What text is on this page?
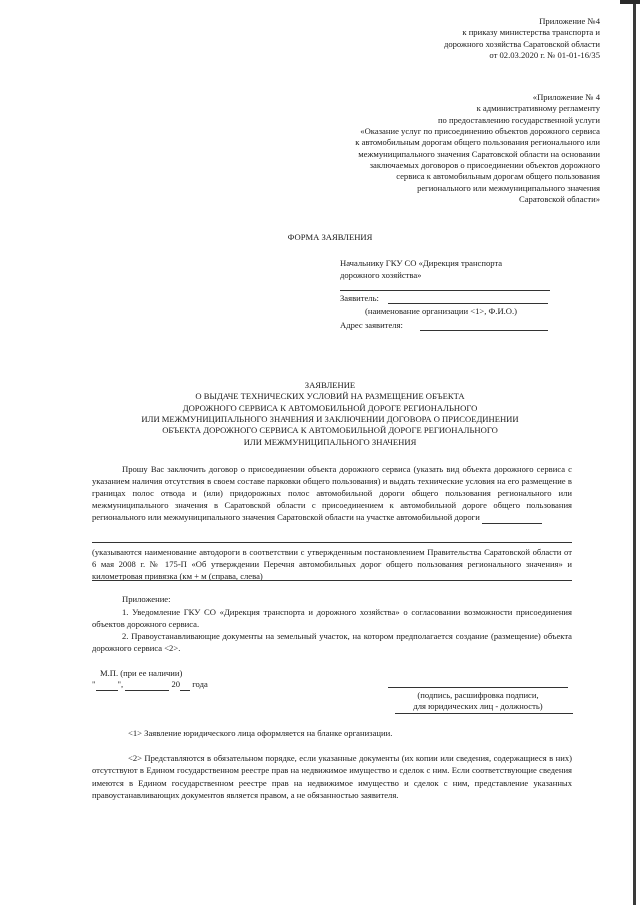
Приложение №4
к приказу министерства транспорта и
дорожного хозяйства Саратовской области
от 02.03.2020 г. № 01-01-16/35
«Приложение № 4
к административному регламенту
по предоставлению государственной услуги
«Оказание услуг по присоединению объектов дорожного сервиса
к автомобильным дорогам общего пользования регионального или
межмуниципального значения Саратовской области на основании
заключаемых договоров о присоединении объектов дорожного
сервиса к автомобильным дорогам общего пользования
регионального или межмуниципального значения
Саратовской области»
ФОРМА ЗАЯВЛЕНИЯ
Начальнику ГКУ СО «Дирекция транспорта
дорожного хозяйства»
Заявитель:
(наименование организации <1>, Ф.И.О.)
Адрес заявителя:
ЗАЯВЛЕНИЕ
О ВЫДАЧЕ ТЕХНИЧЕСКИХ УСЛОВИЙ НА РАЗМЕЩЕНИЕ ОБЪЕКТА
ДОРОЖНОГО СЕРВИСА К АВТОМОБИЛЬНОЙ ДОРОГЕ РЕГИОНАЛЬНОГО
ИЛИ МЕЖМУНИЦИПАЛЬНОГО ЗНАЧЕНИЯ И ЗАКЛЮЧЕНИИ ДОГОВОРА О ПРИСОЕДИНЕНИИ
ОБЪЕКТА ДОРОЖНОГО СЕРВИСА К АВТОМОБИЛЬНОЙ ДОРОГЕ РЕГИОНАЛЬНОГО
ИЛИ МЕЖМУНИЦИПАЛЬНОГО ЗНАЧЕНИЯ
Прошу Вас заключить договор о присоединении объекта дорожного сервиса (указать вид объекта дорожного сервиса с указанием наличия отсутствия в своем составе парковки общего пользования) и выдать технические условия на его размещение в границах полос отвода и (или) придорожных полос автомобильной дороги общего пользования регионального или межмуниципального значения в Саратовской области с присоединением к автомобильной дороге общего пользования регионального или межмуниципального значения Саратовской области на участке автомобильной дороги
(указываются наименование автодороги в соответствии с утвержденным постановлением Правительства Саратовской области от 6 мая 2008 г. № 175-П «Об утверждении Перечня автомобильных дорог общего пользования регионального значения» и километровая привязка (км + м (справа, слева)
Приложение:
1. Уведомление ГКУ СО «Дирекция транспорта и дорожного хозяйства» о согласовании возможности присоединения объектов дорожного сервиса.
2. Правоустанавливающие документы на земельный участок, на котором предполагается создание (размещение) объекта дорожного сервиса <2>.
М.П. (при ее наличии)
"	",	20 года
(подпись, расшифровка подписи,
для юридических лиц - должность)
<1> Заявление юридического лица оформляется на бланке организации.
<2> Представляются в обязательном порядке, если указанные документы (их копии или сведения, содержащиеся в них) отсутствуют в Едином государственном реестре прав на недвижимое имущество и сделок с ним. Если соответствующие сведения имеются в Едином государственном реестре прав на недвижимое имущество и сделок с ним, представление указанных правоустанавливающих документов является правом, а не обязанностью заявителя.
